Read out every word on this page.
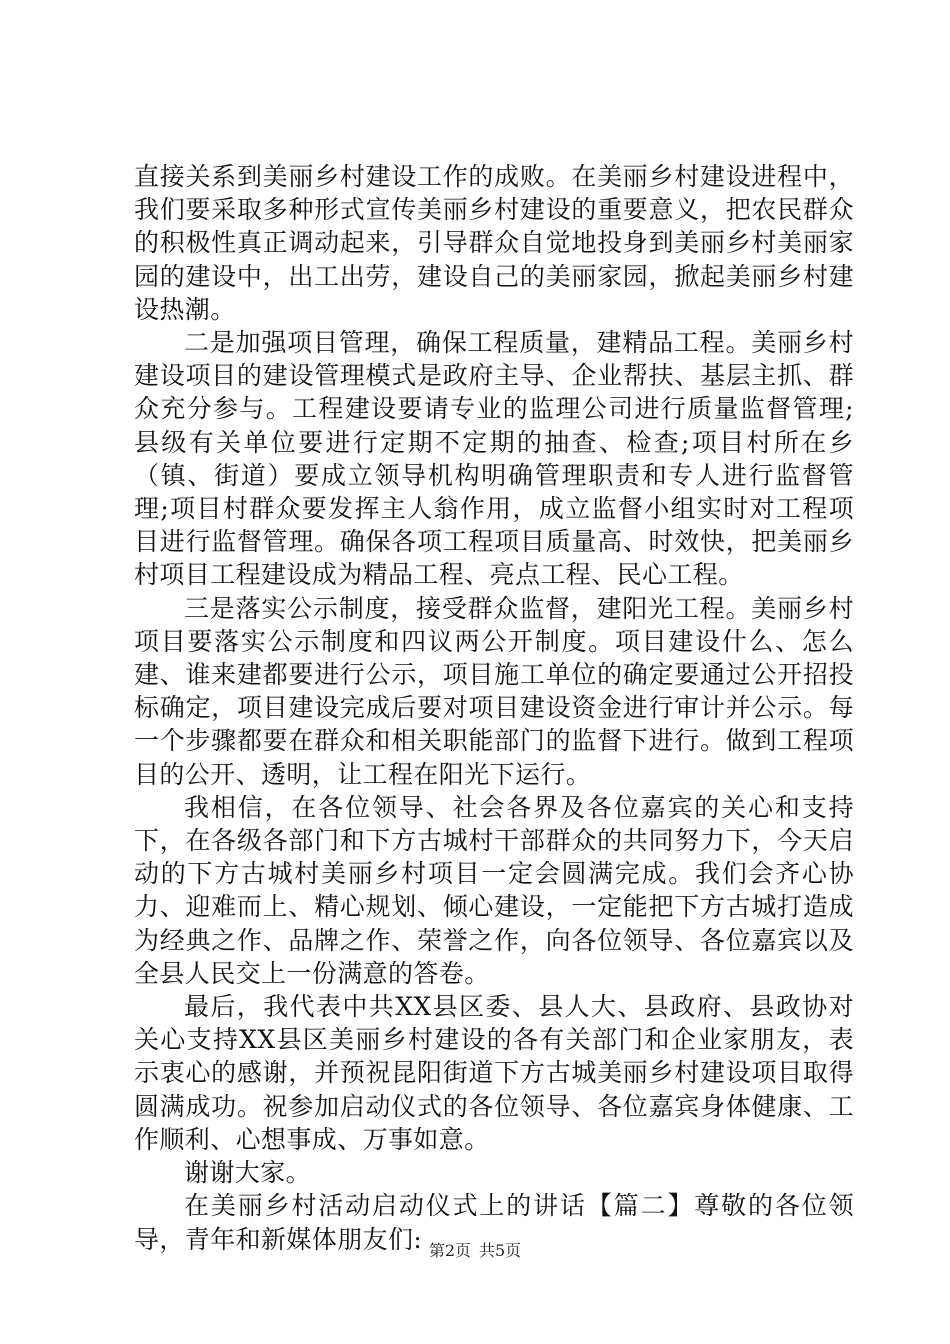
直接关系到美丽乡村建设工作的成败。在美丽乡村建设进程中，我们要采取多种形式宣传美丽乡村建设的重要意义，把农民群众的积极性真正调动起来，引导群众自觉地投身到美丽乡村美丽家园的建设中，出工出劳，建设自己的美丽家园，掀起美丽乡村建设热潮。

二是加强项目管理，确保工程质量，建精品工程。美丽乡村建设项目的建设管理模式是政府主导、企业帮扶、基层主抓、群众充分参与。工程建设要请专业的监理公司进行质量监督管理;县级有关单位要进行定期不定期的抽查、检查;项目村所在乡（镇、街道）要成立领导机构明确管理职责和专人进行监督管理;项目村群众要发挥主人翁作用，成立监督小组实时对工程项目进行监督管理。确保各项工程项目质量高、时效快，把美丽乡村项目工程建设成为精品工程、亮点工程、民心工程。

三是落实公示制度，接受群众监督，建阳光工程。美丽乡村项目要落实公示制度和四议两公开制度。项目建设什么、怎么建、谁来建都要进行公示，项目施工单位的确定要通过公开招投标确定，项目建设完成后要对项目建设资金进行审计并公示。每一个步骤都要在群众和相关职能部门的监督下进行。做到工程项目的公开、透明，让工程在阳光下运行。

我相信，在各位领导、社会各界及各位嘉宾的关心和支持下，在各级各部门和下方古城村干部群众的共同努力下，今天启动的下方古城村美丽乡村项目一定会圆满完成。我们会齐心协力、迎难而上、精心规划、倾心建设，一定能把下方古城打造成为经典之作、品牌之作、荣誉之作，向各位领导、各位嘉宾以及全县人民交上一份满意的答卷。

最后，我代表中共XX县区委、县人大、县政府、县政协对关心支持XX县区美丽乡村建设的各有关部门和企业家朋友，表示衷心的感谢，并预祝昆阳街道下方古城美丽乡村建设项目取得圆满成功。祝参加启动仪式的各位领导、各位嘉宾身体健康、工作顺利、心想事成、万事如意。

谢谢大家。

在美丽乡村活动启动仪式上的讲话【篇二】尊敬的各位领导，青年和新媒体朋友们: 第2页 共5页
